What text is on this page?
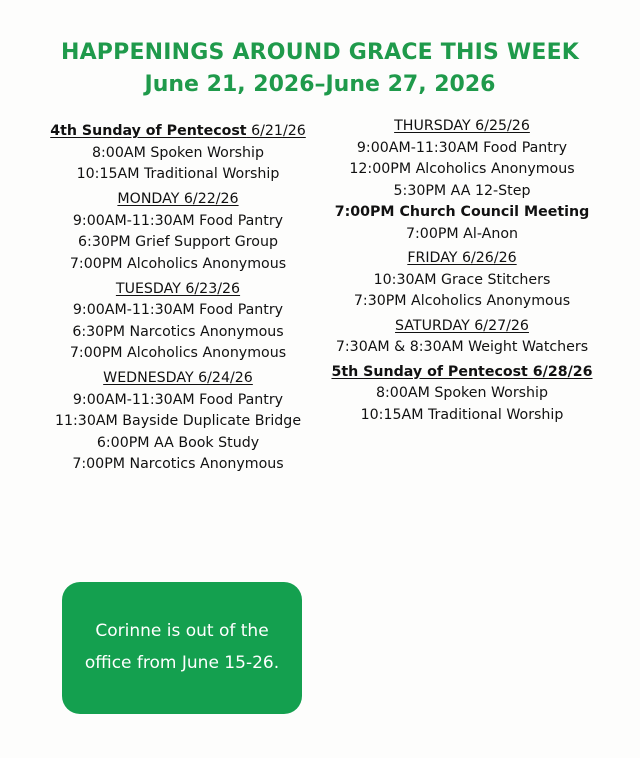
HAPPENINGS AROUND GRACE THIS WEEK
June 21, 2026–June 27, 2026
4th Sunday of Pentecost 6/21/26
8:00AM Spoken Worship
10:15AM Traditional Worship
MONDAY 6/22/26
9:00AM-11:30AM Food Pantry
6:30PM Grief Support Group
7:00PM Alcoholics Anonymous
TUESDAY 6/23/26
9:00AM-11:30AM Food Pantry
6:30PM Narcotics Anonymous
7:00PM Alcoholics Anonymous
WEDNESDAY 6/24/26
9:00AM-11:30AM Food Pantry
11:30AM Bayside Duplicate Bridge
6:00PM AA Book Study
7:00PM Narcotics Anonymous
THURSDAY 6/25/26
9:00AM-11:30AM Food Pantry
12:00PM Alcoholics Anonymous
5:30PM AA 12-Step
7:00PM Church Council Meeting
7:00PM Al-Anon
FRIDAY 6/26/26
10:30AM Grace Stitchers
7:30PM Alcoholics Anonymous
SATURDAY 6/27/26
7:30AM & 8:30AM Weight Watchers
5th Sunday of Pentecost 6/28/26
8:00AM Spoken Worship
10:15AM Traditional Worship
Corinne is out of the
office from June 15-26.
